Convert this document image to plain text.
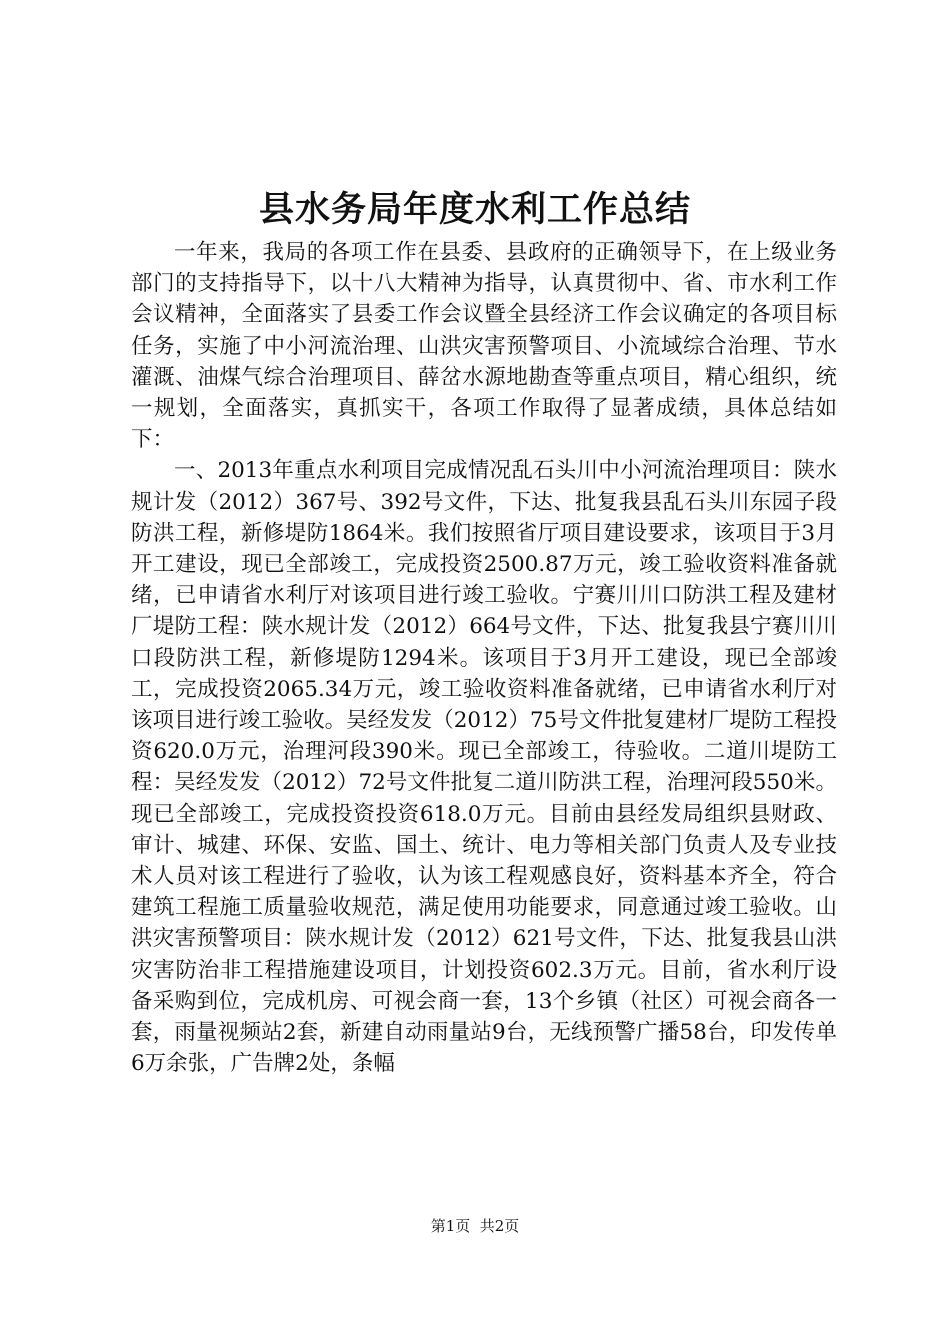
县水务局年度水利工作总结

一年来，我局的各项工作在县委、县政府的正确领导下，在上级业务部门的支持指导下，以十八大精神为指导，认真贯彻中、省、市水利工作会议精神，全面落实了县委工作会议暨全县经济工作会议确定的各项目标任务，实施了中小河流治理、山洪灾害预警项目、小流域综合治理、节水灌溉、油煤气综合治理项目、薛岔水源地勘查等重点项目，精心组织，统一规划，全面落实，真抓实干，各项工作取得了显著成绩，具体总结如下：

一、2013年重点水利项目完成情况乱石头川中小河流治理项目：陕水规计发（2012）367号、392号文件，下达、批复我县乱石头川东园子段防洪工程，新修堤防1864米。我们按照省厅项目建设要求，该项目于3月开工建设，现已全部竣工，完成投资2500.87万元，竣工验收资料准备就绪，已申请省水利厅对该项目进行竣工验收。宁赛川川口防洪工程及建材厂堤防工程：陕水规计发（2012）664号文件，下达、批复我县宁赛川川口段防洪工程，新修堤防1294米。该项目于3月开工建设，现已全部竣工，完成投资2065.34万元，竣工验收资料准备就绪，已申请省水利厅对该项目进行竣工验收。吴经发发（2012）75号文件批复建材厂堤防工程投资620.0万元，治理河段390米。现已全部竣工，待验收。二道川堤防工程：吴经发发（2012）72号文件批复二道川防洪工程，治理河段550米。现已全部竣工，完成投资投资618.0万元。目前由县经发局组织县财政、审计、城建、环保、安监、国土、统计、电力等相关部门负责人及专业技术人员对该工程进行了验收，认为该工程观感良好，资料基本齐全，符合建筑工程施工质量验收规范，满足使用功能要求，同意通过竣工验收。山洪灾害预警项目：陕水规计发（2012）621号文件，下达、批复我县山洪灾害防治非工程措施建设项目，计划投资602.3万元。目前，省水利厅设备采购到位，完成机房、可视会商一套，13个乡镇（社区）可视会商各一套，雨量视频站2套，新建自动雨量站9台，无线预警广播58台，印发传单6万余张，广告牌2处，条幅

第1页  共2页
